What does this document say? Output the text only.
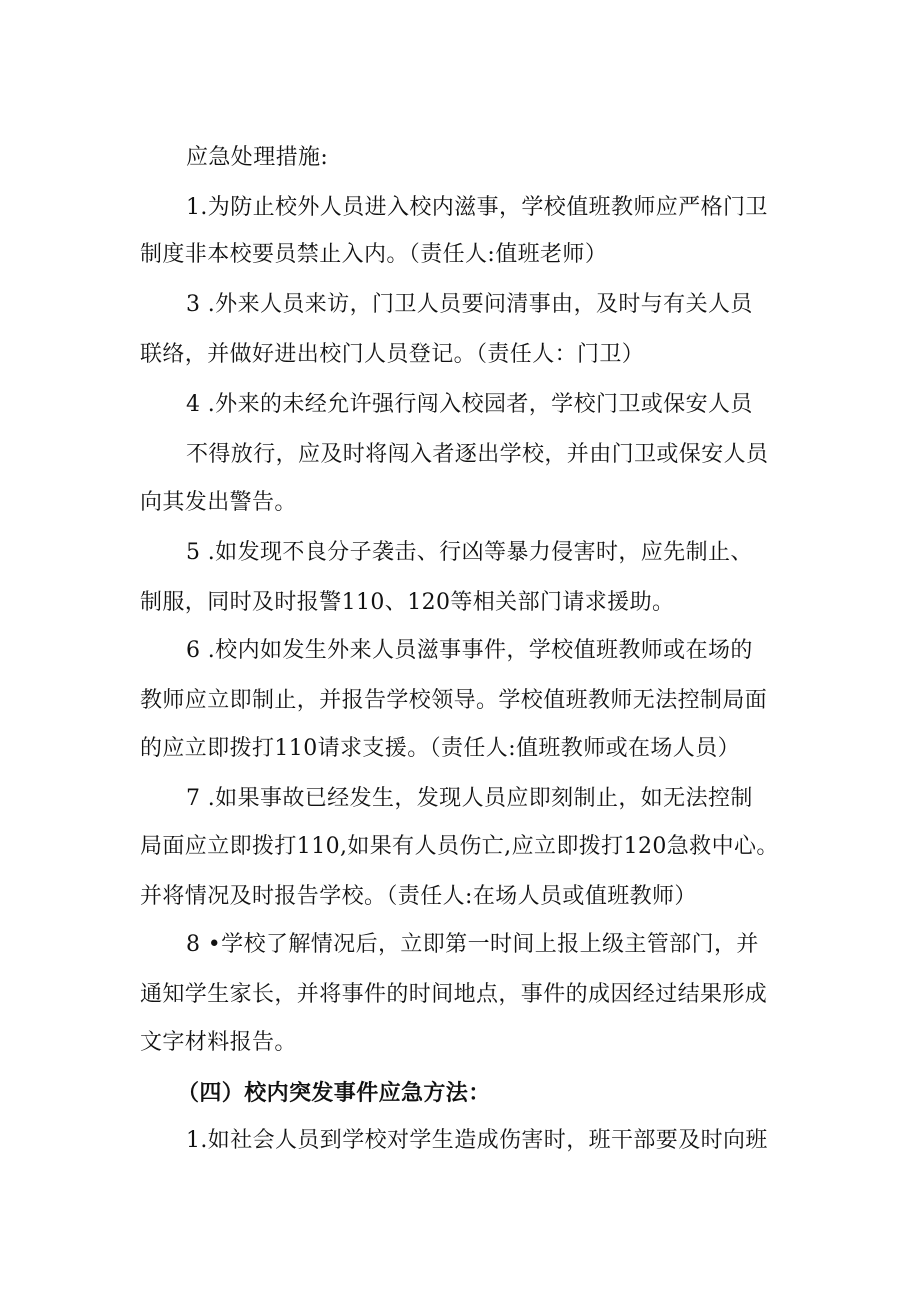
应急处理措施:
1.为防止校外人员进入校内滋事，学校值班教师应严格门卫
制度非本校要员禁止入内。（责任人:值班老师）
3 .外来人员来访，门卫人员要问清事由，及时与有关人员
联络，并做好进出校门人员登记。（责任人：门卫）
4 .外来的未经允许强行闯入校园者，学校门卫或保安人员
不得放行，应及时将闯入者逐出学校，并由门卫或保安人员
向其发出警告。
5 .如发现不良分子袭击、行凶等暴力侵害时，应先制止、
制服，同时及时报警110、120等相关部门请求援助。
6 .校内如发生外来人员滋事事件，学校值班教师或在场的
教师应立即制止，并报告学校领导。学校值班教师无法控制局面
的应立即拨打110请求支援。（责任人:值班教师或在场人员）
7 .如果事故已经发生，发现人员应即刻制止，如无法控制
局面应立即拨打110,如果有人员伤亡,应立即拨打120急救中心。
并将情况及时报告学校。（责任人:在场人员或值班教师）
8 •学校了解情况后，立即第一时间上报上级主管部门，并
通知学生家长，并将事件的时间地点，事件的成因经过结果形成
文字材料报告。
（四）校内突发事件应急方法：
1.如社会人员到学校对学生造成伤害时，班干部要及时向班
